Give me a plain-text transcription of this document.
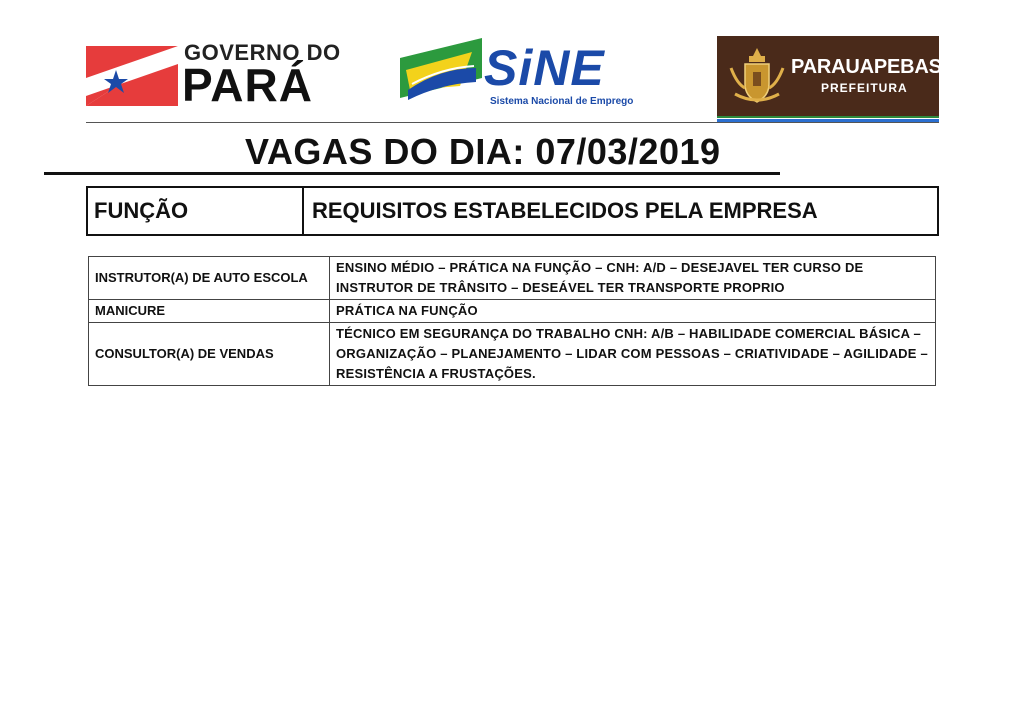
GOVERNO DO
PARÁ	SiNE
Sistema Nacional de Emprego
PARAUAPEBAS
PREFEITURA
VAGAS DO DIA: 07/03/2019
FUNÇÃO	REQUISITOS ESTABELECIDOS PELA EMPRESA
INSTRUTOR(A) DE AUTO ESCOLA	ENSINO MÉDIO – PRÁTICA NA FUNÇÃO – CNH: A/D – DESEJAVEL TER CURSO DE INSTRUTOR DE TRÂNSITO – DESEÁVEL TER TRANSPORTE PROPRIO
MANICURE	PRÁTICA NA FUNÇÃO
CONSULTOR(A) DE VENDAS	TÉCNICO EM SEGURANÇA DO TRABALHO CNH: A/B – HABILIDADE COMERCIAL BÁSICA – ORGANIZAÇÃO – PLANEJAMENTO – LIDAR COM PESSOAS – CRIATIVIDADE – AGILIDADE – RESISTÊNCIA A FRUSTAÇÕES.
